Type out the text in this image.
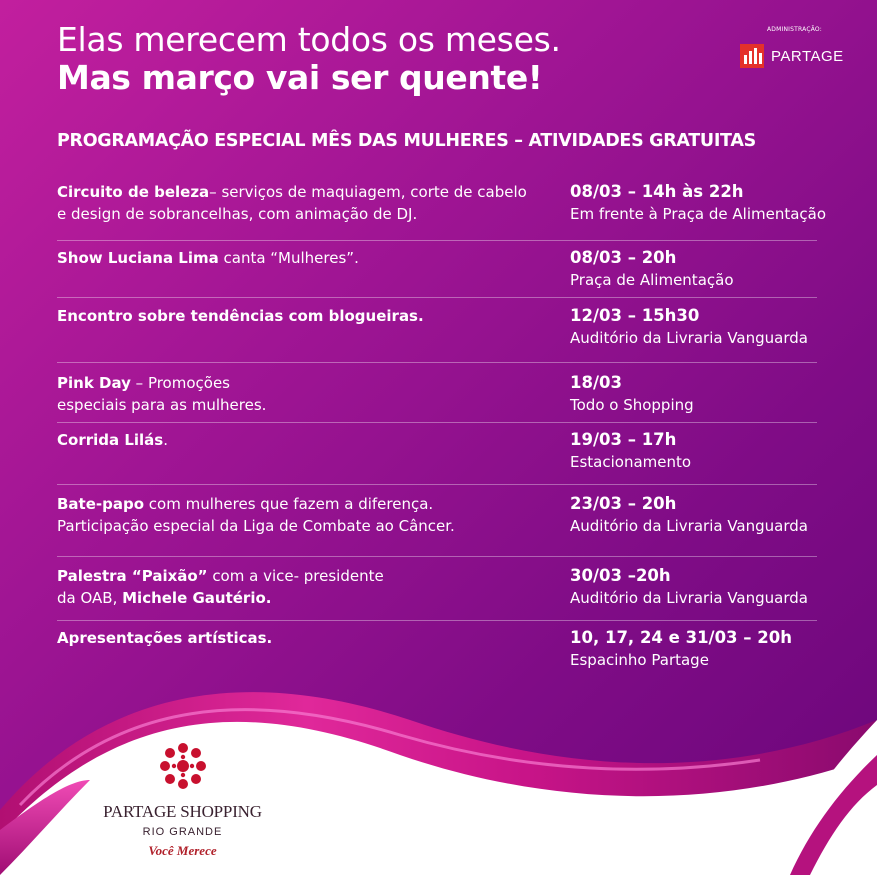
Elas merecem todos os meses.
Mas março vai ser quente!
ADMINISTRAÇÃO:
PARTAGE
PROGRAMAÇÃO ESPECIAL MÊS DAS MULHERES – ATIVIDADES GRATUITAS
Circuito de beleza– serviços de maquiagem, corte de cabelo
e design de sobrancelhas, com animação de DJ.
08/03 – 14h às 22h
Em frente à Praça de Alimentação
Show Luciana Lima canta “Mulheres”.	08/03 – 20h
Praça de Alimentação
Encontro sobre tendências com blogueiras.	12/03 – 15h30
Auditório da Livraria Vanguarda
Pink Day – Promoções
especiais para as mulheres.
18/03
Todo o Shopping
Corrida Lilás.	19/03 – 17h
Estacionamento
Bate-papo com mulheres que fazem a diferença.
Participação especial da Liga de Combate ao Câncer.
23/03 – 20h
Auditório da Livraria Vanguarda
Palestra “Paixão” com a vice- presidente
da OAB, Michele Gautério.
30/03 –20h
Auditório da Livraria Vanguarda
Apresentações artísticas.	10, 17, 24 e 31/03 – 20h
Espacinho Partage
PARTAGE SHOPPING
RIO GRANDE
Você Merece
